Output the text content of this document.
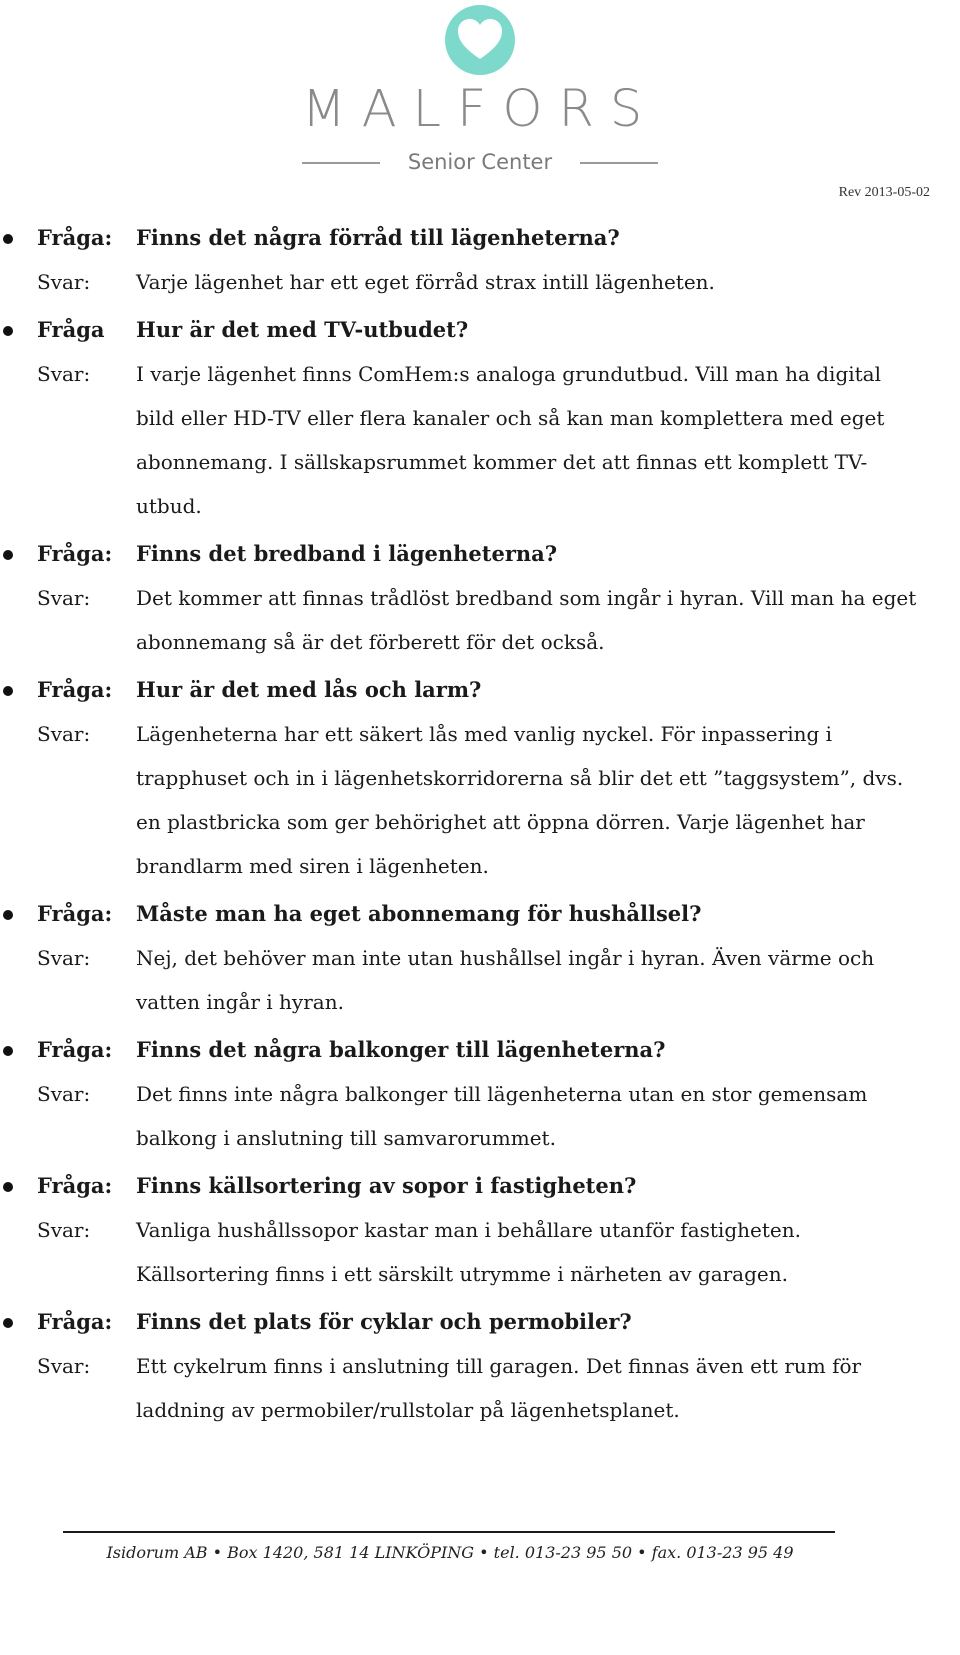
MALFORS
Senior Center
Rev 2013-05-02
Fråga: Finns det några förråd till lägenheterna?
Svar: Varje lägenhet har ett eget förråd strax intill lägenheten.
Fråga Hur är det med TV-utbudet?
Svar: I varje lägenhet finns ComHem:s analoga grundutbud. Vill man ha digital bild eller HD-TV eller flera kanaler och så kan man komplettera med eget abonnemang. I sällskapsrummet kommer det att finnas ett komplett TV-utbud.
Fråga: Finns det bredband i lägenheterna?
Svar: Det kommer att finnas trådlöst bredband som ingår i hyran. Vill man ha eget abonnemang så är det förberett för det också.
Fråga: Hur är det med lås och larm?
Svar: Lägenheterna har ett säkert lås med vanlig nyckel. För inpassering i trapphuset och in i lägenhetskorridorerna så blir det ett ”taggsystem”, dvs. en plastbricka som ger behörighet att öppna dörren. Varje lägenhet har brandlarm med siren i lägenheten.
Fråga: Måste man ha eget abonnemang för hushållsel?
Svar: Nej, det behöver man inte utan hushållsel ingår i hyran. Även värme och vatten ingår i hyran.
Fråga: Finns det några balkonger till lägenheterna?
Svar: Det finns inte några balkonger till lägenheterna utan en stor gemensam balkong i anslutning till samvarorummet.
Fråga: Finns källsortering av sopor i fastigheten?
Svar: Vanliga hushållssopor kastar man i behållare utanför fastigheten. Källsortering finns i ett särskilt utrymme i närheten av garagen.
Fråga: Finns det plats för cyklar och permobiler?
Svar: Ett cykelrum finns i anslutning till garagen. Det finnas även ett rum för laddning av permobiler/rullstolar på lägenhetsplanet.
Isidorum AB • Box 1420, 581 14 LINKÖPING • tel. 013-23 95 50 • fax. 013-23 95 49
